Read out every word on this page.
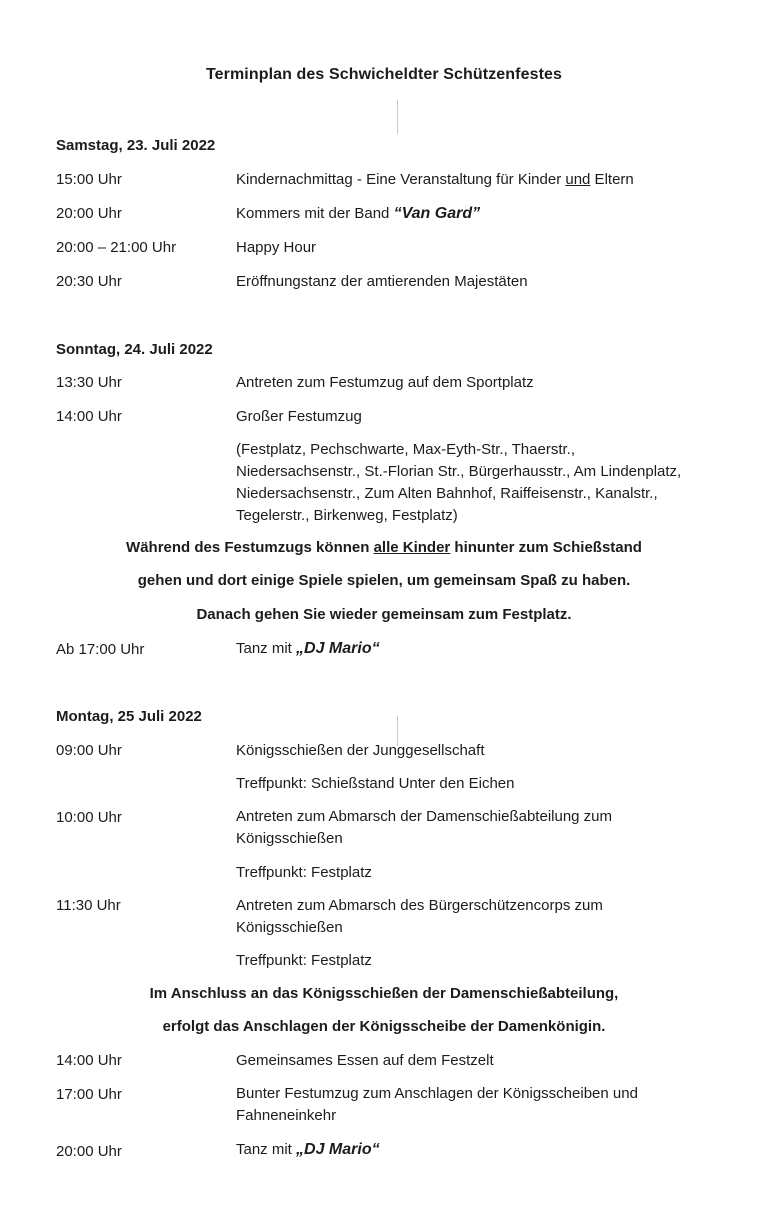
Terminplan des Schwicheldter Schützenfestes
Samstag, 23. Juli 2022
15:00 Uhr	Kindernachmittag - Eine Veranstaltung für Kinder und Eltern
20:00 Uhr	Kommers mit der Band “Van Gard”
20:00 – 21:00 Uhr	Happy Hour
20:30 Uhr	Eröffnungstanz der amtierenden Majestäten
Sonntag, 24. Juli 2022
13:30 Uhr	Antreten zum Festumzug auf dem Sportplatz
14:00 Uhr	Großer Festumzug
(Festplatz, Pechschwarte, Max-Eyth-Str., Thaerstr.,
Niedersachsenstr., St.-Florian Str., Bürgerhausstr., Am Lindenplatz,
Niedersachsenstr., Zum Alten Bahnhof, Raiffeisenstr., Kanalstr.,
Tegelerstr., Birkenweg, Festplatz)
Während des Festumzugs können alle Kinder hinunter zum Schießstand
gehen und dort einige Spiele spielen, um gemeinsam Spaß zu haben.
Danach gehen Sie wieder gemeinsam zum Festplatz.
Ab 17:00 Uhr	Tanz mit „DJ Mario“
Montag, 25 Juli 2022
09:00 Uhr	Königsschießen der Junggesellschaft
Treffpunkt: Schießstand Unter den Eichen
10:00 Uhr	Antreten zum Abmarsch der Damenschießabteilung zum
Königsschießen
Treffpunkt: Festplatz
11:30 Uhr	Antreten zum Abmarsch des Bürgerschützencorps zum
Königsschießen
Treffpunkt: Festplatz
Im Anschluss an das Königsschießen der Damenschießabteilung,
erfolgt das Anschlagen der Königsscheibe der Damenkönigin.
14:00 Uhr	Gemeinsames Essen auf dem Festzelt
17:00 Uhr	Bunter Festumzug zum Anschlagen der Königsscheiben und
Fahneneinkehr
20:00 Uhr	Tanz mit „DJ Mario“
